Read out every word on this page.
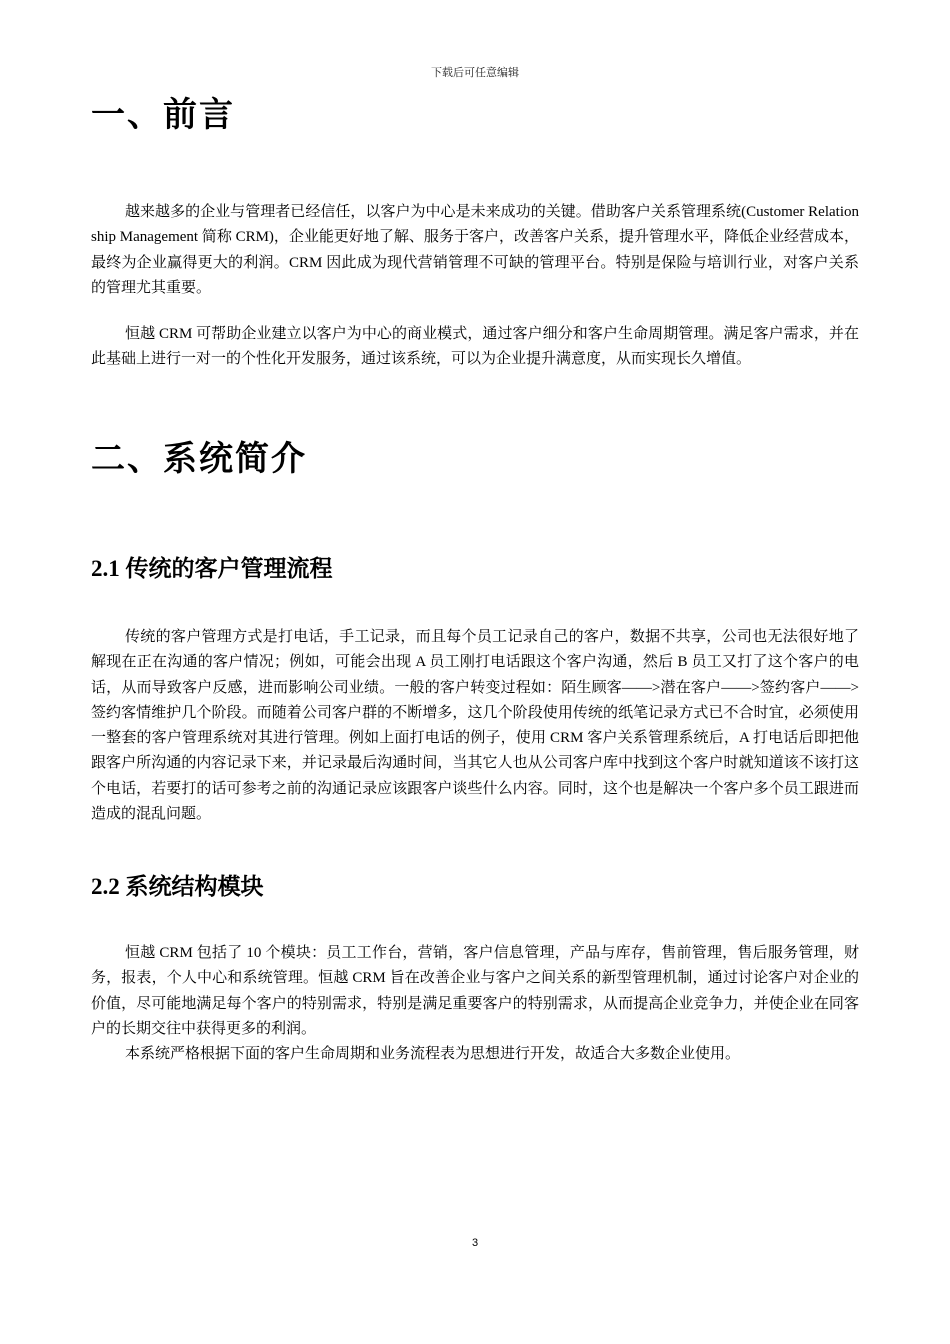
下载后可任意编辑
一、前言
越来越多的企业与管理者已经信任，以客户为中心是未来成功的关键。借助客户关系管理系统(Customer Relationship Management 简称 CRM)，企业能更好地了解、服务于客户，改善客户关系，提升管理水平，降低企业经营成本，最终为企业赢得更大的利润。CRM 因此成为现代营销管理不可缺的管理平台。特别是保险与培训行业，对客户关系的管理尤其重要。
恒越 CRM 可帮助企业建立以客户为中心的商业模式，通过客户细分和客户生命周期管理。满足客户需求，并在此基础上进行一对一的个性化开发服务，通过该系统，可以为企业提升满意度，从而实现长久增值。
二、系统简介
2.1 传统的客户管理流程
传统的客户管理方式是打电话，手工记录，而且每个员工记录自己的客户，数据不共享，公司也无法很好地了解现在正在沟通的客户情况；例如，可能会出现 A 员工刚打电话跟这个客户沟通，然后 B 员工又打了这个客户的电话，从而导致客户反感，进而影响公司业绩。一般的客户转变过程如：陌生顾客——>潜在客户——>签约客户——>签约客情维护几个阶段。而随着公司客户群的不断增多，这几个阶段使用传统的纸笔记录方式已不合时宜，必须使用一整套的客户管理系统对其进行管理。例如上面打电话的例子，使用 CRM 客户关系管理系统后，A 打电话后即把他跟客户所沟通的内容记录下来，并记录最后沟通时间，当其它人也从公司客户库中找到这个客户时就知道该不该打这个电话，若要打的话可参考之前的沟通记录应该跟客户谈些什么内容。同时，这个也是解决一个客户多个员工跟进而造成的混乱问题。
2.2 系统结构模块
恒越 CRM 包括了 10 个模块：员工工作台，营销，客户信息管理，产品与库存，售前管理，售后服务管理，财务，报表，个人中心和系统管理。恒越 CRM 旨在改善企业与客户之间关系的新型管理机制，通过讨论客户对企业的价值，尽可能地满足每个客户的特别需求，特别是满足重要客户的特别需求，从而提高企业竞争力，并使企业在同客户的长期交往中获得更多的利润。
本系统严格根据下面的客户生命周期和业务流程表为思想进行开发，故适合大多数企业使用。
3
